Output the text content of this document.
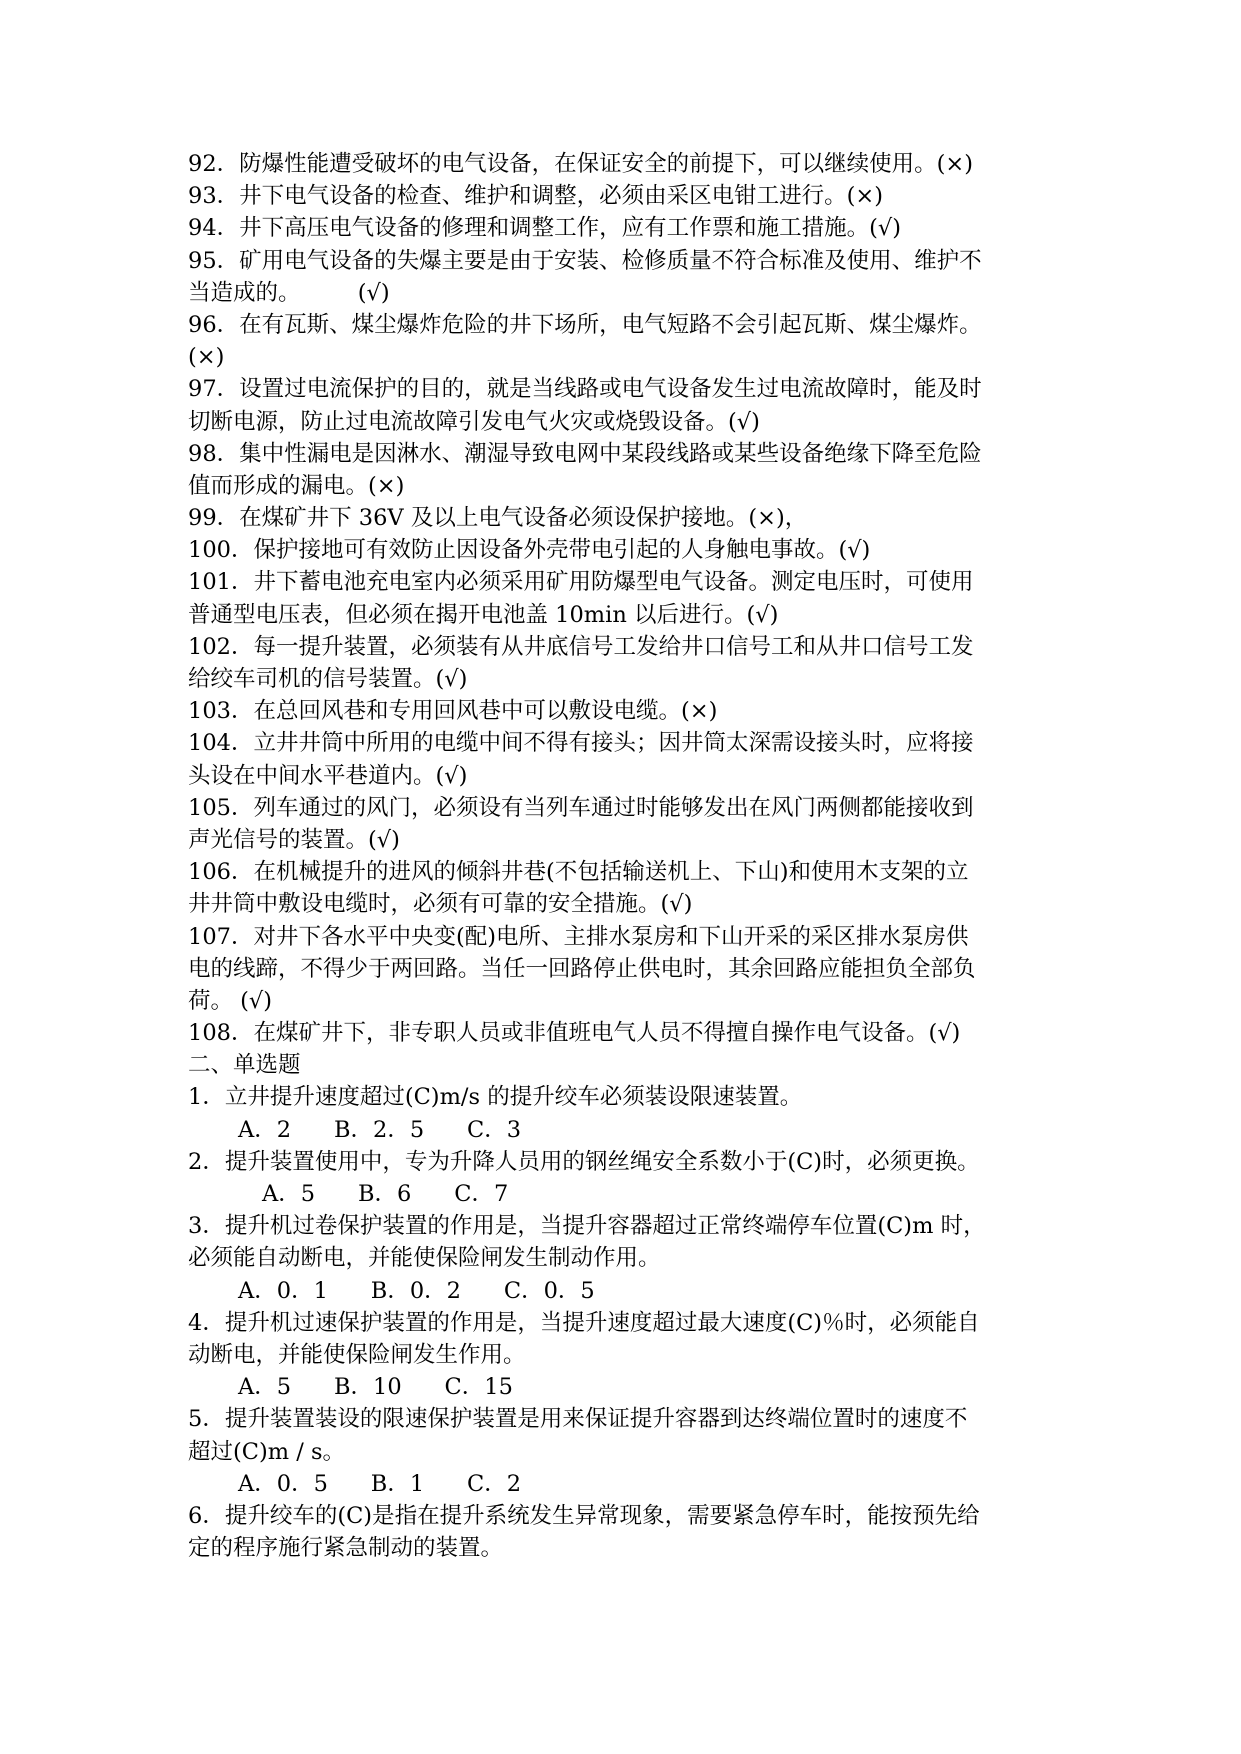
92．防爆性能遭受破坏的电气设备，在保证安全的前提下，可以继续使用。(×)
93．井下电气设备的检查、维护和调整，必须由采区电钳工进行。(×)
94．井下高压电气设备的修理和调整工作，应有工作票和施工措施。(√)
95．矿用电气设备的失爆主要是由于安装、检修质量不符合标准及使用、维护不
当造成的。        (√)
96．在有瓦斯、煤尘爆炸危险的井下场所，电气短路不会引起瓦斯、煤尘爆炸。
(×)
97．设置过电流保护的目的，就是当线路或电气设备发生过电流故障时，能及时
切断电源，防止过电流故障引发电气火灾或烧毁设备。(√)
98．集中性漏电是因淋水、潮湿导致电网中某段线路或某些设备绝缘下降至危险
值而形成的漏电。(×)
99．在煤矿井下 36V 及以上电气设备必须设保护接地。(×)，
100．保护接地可有效防止因设备外壳带电引起的人身触电事故。(√)
101．井下蓄电池充电室内必须采用矿用防爆型电气设备。测定电压时，可使用
普通型电压表，但必须在揭开电池盖 10min 以后进行。(√)
102．每一提升装置，必须装有从井底信号工发给井口信号工和从井口信号工发
给绞车司机的信号装置。(√)
103．在总回风巷和专用回风巷中可以敷设电缆。(×)
104．立井井筒中所用的电缆中间不得有接头；因井筒太深需设接头时，应将接
头设在中间水平巷道内。(√)
105．列车通过的风门，必须设有当列车通过时能够发出在风门两侧都能接收到
声光信号的装置。(√)
106．在机械提升的进风的倾斜井巷(不包括输送机上、下山)和使用木支架的立
井井筒中敷设电缆时，必须有可靠的安全措施。(√)
107．对井下各水平中央变(配)电所、主排水泵房和下山开采的采区排水泵房供
电的线蹄，不得少于两回路。当任一回路停止供电时，其余回路应能担负全部负
荷。 (√)
108．在煤矿井下，非专职人员或非值班电气人员不得擅自操作电气设备。(√)
二、单选题
1．立井提升速度超过(C)m/s 的提升绞车必须装设限速装置。
A．2      B．2．5      C．3
2．提升装置使用中，专为升降人员用的钢丝绳安全系数小于(C)时，必须更换。
A．5      B．6      C．7
3．提升机过卷保护装置的作用是，当提升容器超过正常终端停车位置(C)m 时，
必须能自动断电，并能使保险闸发生制动作用。
A．0．1      B．0．2      C．0．5
4．提升机过速保护装置的作用是，当提升速度超过最大速度(C)％时，必须能自
动断电，并能使保险闸发生作用。
A．5      B．10      C．15
5．提升装置装设的限速保护装置是用来保证提升容器到达终端位置时的速度不
超过(C)m / s。
A．0．5      B．1      C．2
6．提升绞车的(C)是指在提升系统发生异常现象，需要紧急停车时，能按预先给
定的程序施行紧急制动的装置。
